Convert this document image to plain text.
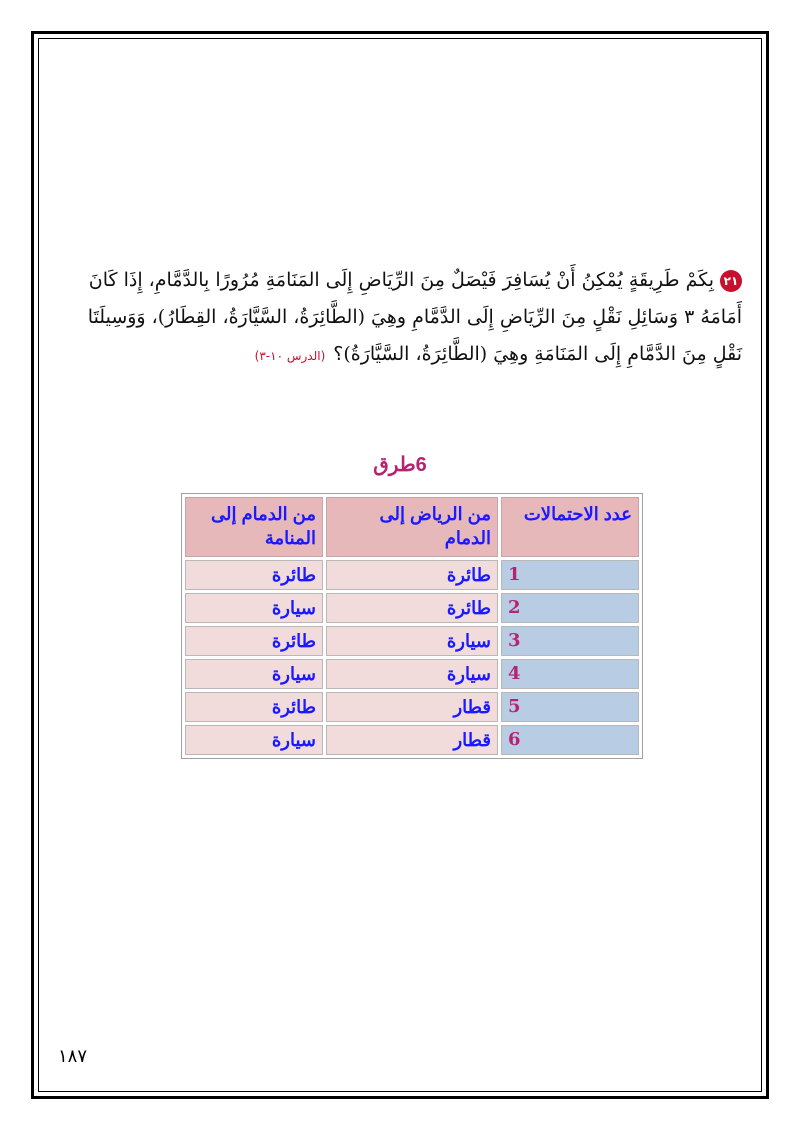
٢١بِكَمْ طَرِيقَةٍ يُمْكِنُ أَنْ يُسَافِرَ فَيْصَلٌ مِنَ الرِّيَاضِ إِلَى المَنَامَةِ مُرُورًا بِالدَّمَّامِ، إِذَا كَانَ أَمَامَهُ ٣ وَسَائِلِ نَقْلٍ مِنَ الرِّيَاضِ إِلَى الدَّمَّامِ وهِيَ (الطَّائِرَةُ، السَّيَّارَةُ، القِطَارُ)، وَوَسِيلَتَا نَقْلٍ مِنَ الدَّمَّامِ إِلَى المَنَامَةِ وهِيَ (الطَّائِرَةُ، السَّيَّارَةُ)؟(الدرس ١٠-٣)
6طرق
عدد الاحتمالات	من الرياض إلى الدمام	من الدمام إلى المنامة
1	طائرة	طائرة
2	طائرة	سيارة
3	سيارة	طائرة
4	سيارة	سيارة
5	قطار	طائرة
6	قطار	سيارة
١٨٧
